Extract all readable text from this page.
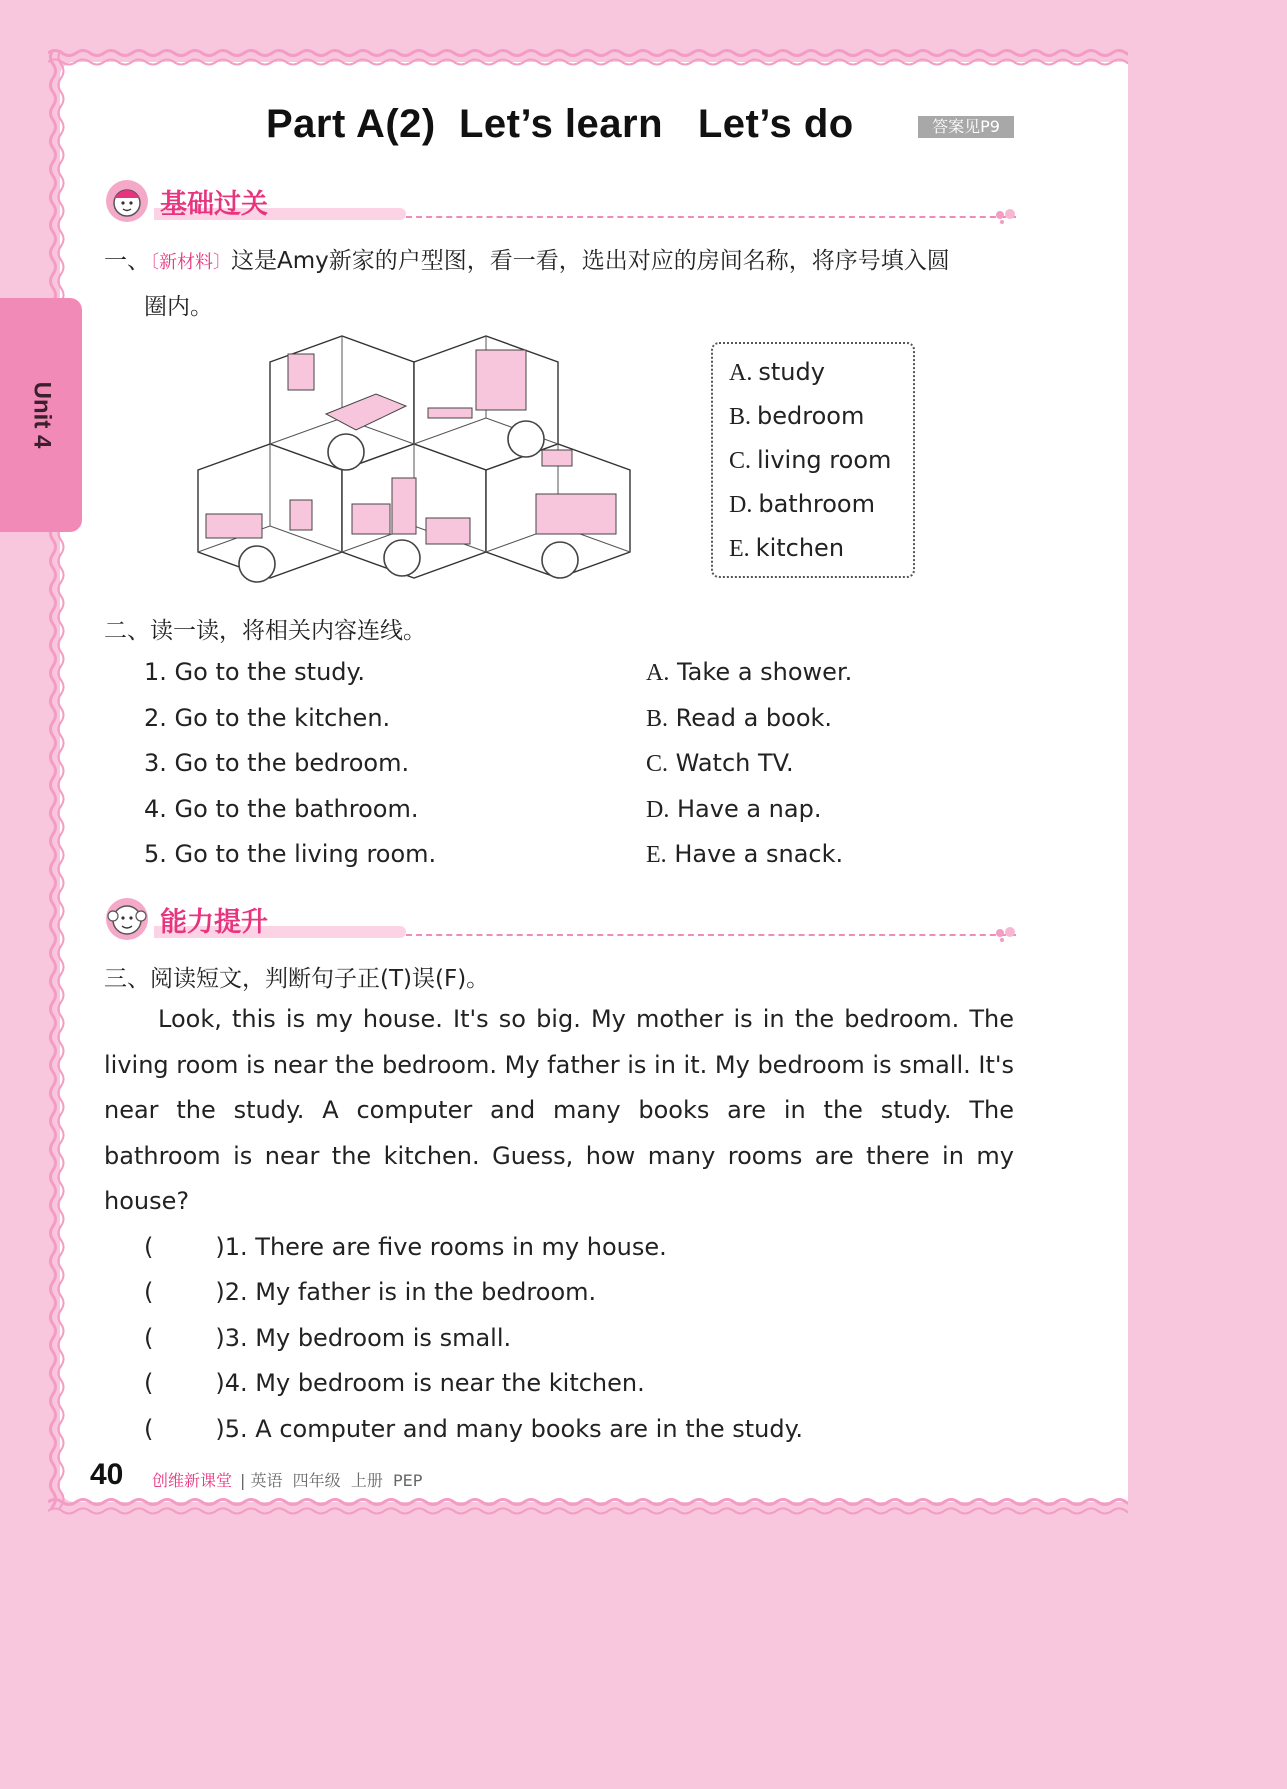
Unit 4
Part A(2)  Let’s learn   Let’s do	答案见P9
基础过关
一、〔新材料〕这是Amy新家的户型图，看一看，选出对应的房间名称，将序号填入圆
圈内。
A. study
B. bedroom
C. living room
D. bathroom
E. kitchen
二、读一读，将相关内容连线。
1. Go to the study.
2. Go to the kitchen.
3. Go to the bedroom.
4. Go to the bathroom.
5. Go to the living room.
A. Take a shower.
B. Read a book.
C. Watch TV.
D. Have a nap.
E. Have a snack.
能力提升
三、阅读短文，判断句子正(T)误(F)。
Look, this is my house. It's so big. My mother is in the bedroom. The living room is near the bedroom. My father is in it. My bedroom is small. It's near the study. A computer and many books are in the study. The bathroom is near the kitchen. Guess, how many rooms are there in my house?
(	)1. There are five rooms in my house.
(	)2. My father is in the bedroom.
(	)3. My bedroom is small.
(	)4. My bedroom is near the kitchen.
(	)5. A computer and many books are in the study.
40 创维新课堂 | 英语  四年级  上册  PEP
